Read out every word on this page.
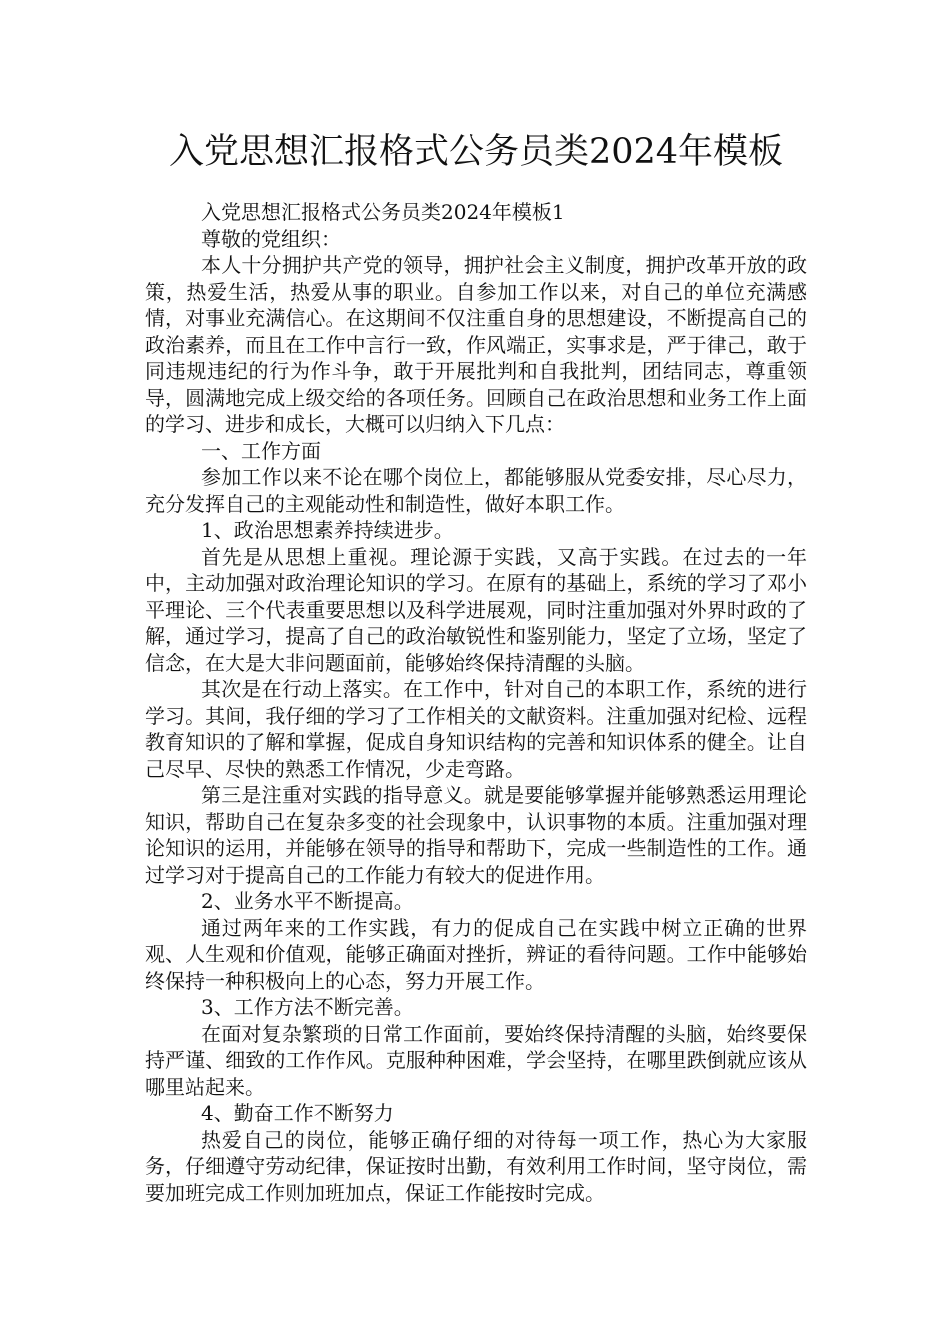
入党思想汇报格式公务员类2024年模板

入党思想汇报格式公务员类2024年模板1

尊敬的党组织：

本人十分拥护共产党的领导，拥护社会主义制度，拥护改革开放的政策，热爱生活，热爱从事的职业。自参加工作以来，对自己的单位充满感情，对事业充满信心。在这期间不仅注重自身的思想建设，不断提高自己的政治素养，而且在工作中言行一致，作风端正，实事求是，严于律己，敢于同违规违纪的行为作斗争，敢于开展批判和自我批判，团结同志，尊重领导，圆满地完成上级交给的各项任务。回顾自己在政治思想和业务工作上面的学习、进步和成长，大概可以归纳入下几点：

一、工作方面

参加工作以来不论在哪个岗位上，都能够服从党委安排，尽心尽力，充分发挥自己的主观能动性和制造性，做好本职工作。

1、政治思想素养持续进步。

首先是从思想上重视。理论源于实践，又高于实践。在过去的一年中，主动加强对政治理论知识的学习。在原有的基础上，系统的学习了邓小平理论、三个代表重要思想以及科学进展观，同时注重加强对外界时政的了解，通过学习，提高了自己的政治敏锐性和鉴别能力，坚定了立场，坚定了信念，在大是大非问题面前，能够始终保持清醒的头脑。

其次是在行动上落实。在工作中，针对自己的本职工作，系统的进行学习。其间，我仔细的学习了工作相关的文献资料。注重加强对纪检、远程教育知识的了解和掌握，促成自身知识结构的完善和知识体系的健全。让自己尽早、尽快的熟悉工作情况，少走弯路。

第三是注重对实践的指导意义。就是要能够掌握并能够熟悉运用理论知识，帮助自己在复杂多变的社会现象中，认识事物的本质。注重加强对理论知识的运用，并能够在领导的指导和帮助下，完成一些制造性的工作。通过学习对于提高自己的工作能力有较大的促进作用。

2、业务水平不断提高。

通过两年来的工作实践，有力的促成自己在实践中树立正确的世界观、人生观和价值观，能够正确面对挫折，辨证的看待问题。工作中能够始终保持一种积极向上的心态，努力开展工作。

3、工作方法不断完善。

在面对复杂繁琐的日常工作面前，要始终保持清醒的头脑，始终要保持严谨、细致的工作作风。克服种种困难，学会坚持，在哪里跌倒就应该从哪里站起来。

4、勤奋工作不断努力

热爱自己的岗位，能够正确仔细的对待每一项工作，热心为大家服务，仔细遵守劳动纪律，保证按时出勤，有效利用工作时间，坚守岗位，需要加班完成工作则加班加点，保证工作能按时完成。
